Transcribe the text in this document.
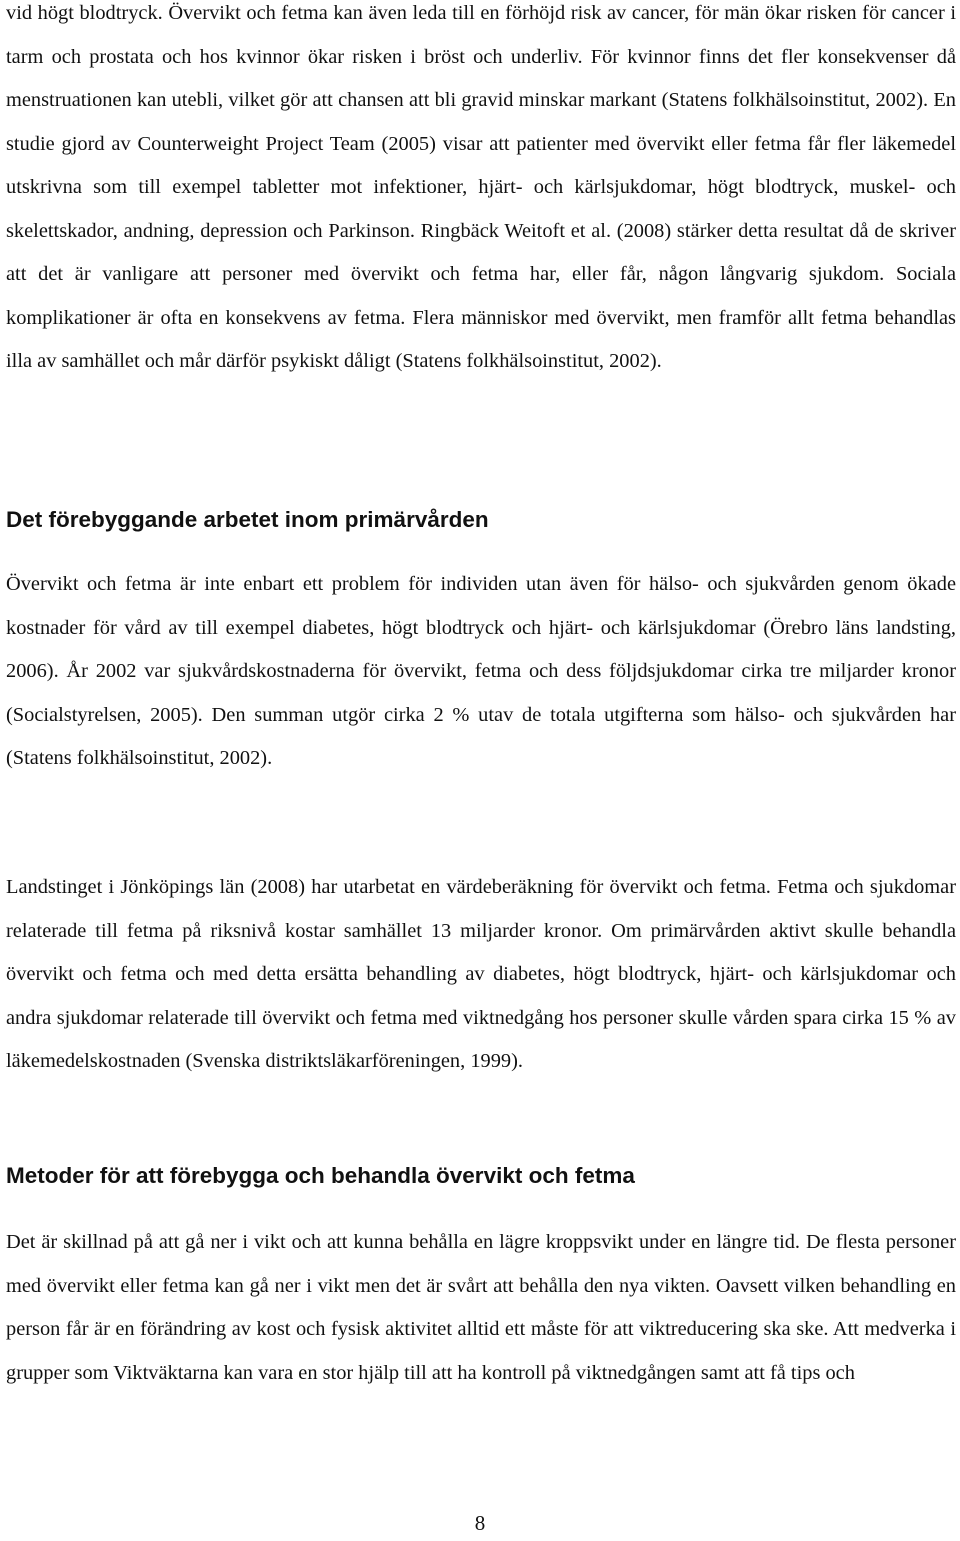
vid högt blodtryck. Övervikt och fetma kan även leda till en förhöjd risk av cancer, för män ökar risken för cancer i tarm och prostata och hos kvinnor ökar risken i bröst och underliv. För kvinnor finns det fler konsekvenser då menstruationen kan utebli, vilket gör att chansen att bli gravid minskar markant (Statens folkhälsoinstitut, 2002). En studie gjord av Counterweight Project Team (2005) visar att patienter med övervikt eller fetma får fler läkemedel utskrivna som till exempel tabletter mot infektioner, hjärt- och kärlsjukdomar, högt blodtryck, muskel- och skelettskador, andning, depression och Parkinson. Ringbäck Weitoft et al. (2008) stärker detta resultat då de skriver att det är vanligare att personer med övervikt och fetma har, eller får, någon långvarig sjukdom. Sociala komplikationer är ofta en konsekvens av fetma. Flera människor med övervikt, men framför allt fetma behandlas illa av samhället och mår därför psykiskt dåligt (Statens folkhälsoinstitut, 2002).

Det förebyggande arbetet inom primärvården

Övervikt och fetma är inte enbart ett problem för individen utan även för hälso- och sjukvården genom ökade kostnader för vård av till exempel diabetes, högt blodtryck och hjärt- och kärlsjukdomar (Örebro läns landsting, 2006). År 2002 var sjukvårdskostnaderna för övervikt, fetma och dess följdsjukdomar cirka tre miljarder kronor (Socialstyrelsen, 2005). Den summan utgör cirka 2 % utav de totala utgifterna som hälso- och sjukvården har (Statens folkhälsoinstitut, 2002).

Landstinget i Jönköpings län (2008) har utarbetat en värdeberäkning för övervikt och fetma. Fetma och sjukdomar relaterade till fetma på riksnivå kostar samhället 13 miljarder kronor. Om primärvården aktivt skulle behandla övervikt och fetma och med detta ersätta behandling av diabetes, högt blodtryck, hjärt- och kärlsjukdomar och andra sjukdomar relaterade till övervikt och fetma med viktnedgång hos personer skulle vården spara cirka 15 % av läkemedelskostnaden (Svenska distriktsläkarföreningen, 1999).

Metoder för att förebygga och behandla övervikt och fetma

Det är skillnad på att gå ner i vikt och att kunna behålla en lägre kroppsvikt under en längre tid. De flesta personer med övervikt eller fetma kan gå ner i vikt men det är svårt att behålla den nya vikten. Oavsett vilken behandling en person får är en förändring av kost och fysisk aktivitet alltid ett måste för att viktreducering ska ske. Att medverka i grupper som Viktväktarna kan vara en stor hjälp till att ha kontroll på viktnedgången samt att få tips och

8
